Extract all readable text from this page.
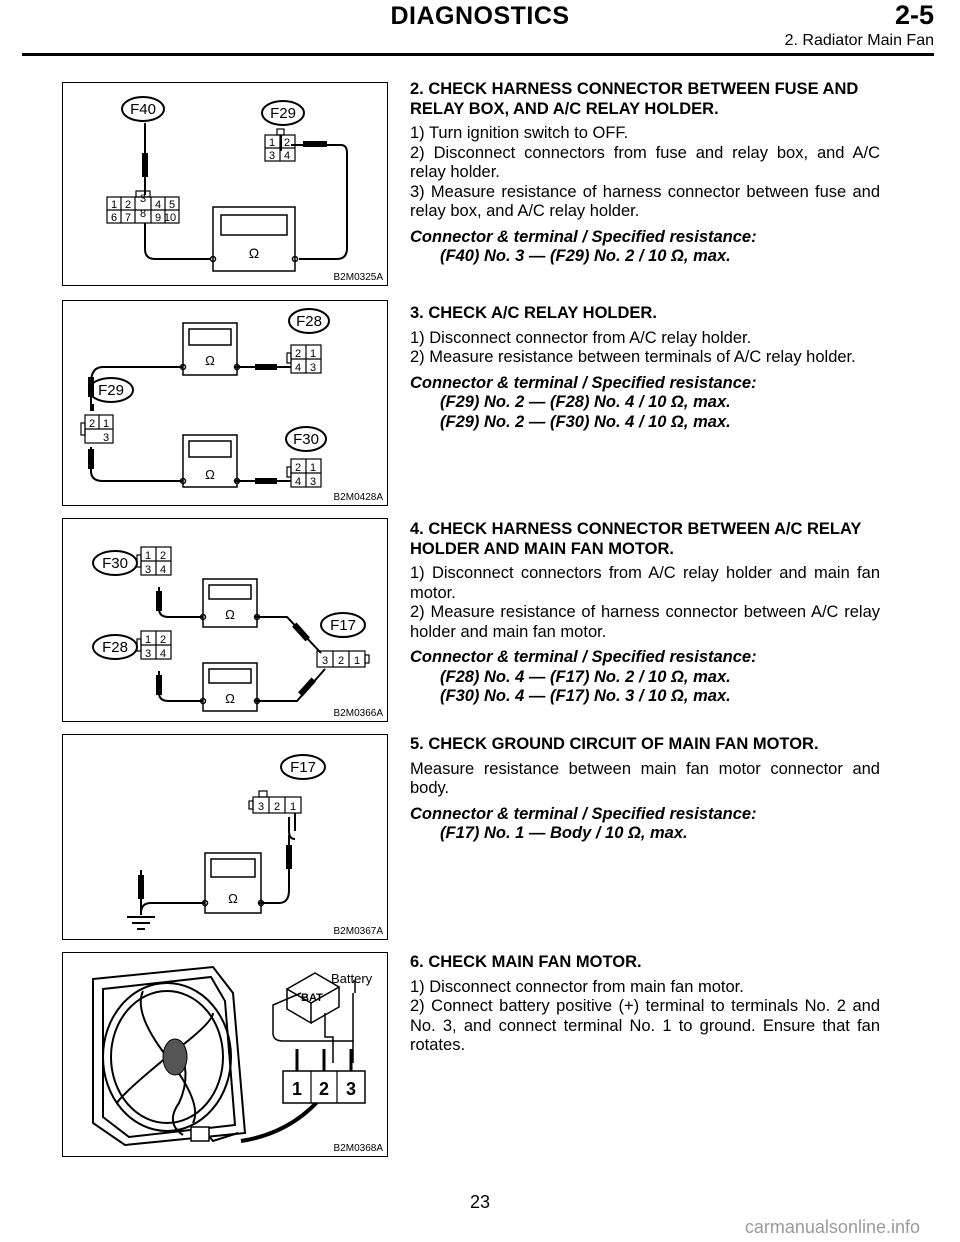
DIAGNOSTICS	2-5
2. Radiator Main Fan
F40	F29
1 2
3 4
1 2 3 4 5
6 7 8 9 10
Ω
B2M0325A
F28
F29
F30
2 1
4 3
2 1
3
2 1
4 3
Ω
Ω
B2M0428A
F30
F28
F17
1 2
3 4
1 2
3 4
3 2 1
Ω
Ω
B2M0366A
F17
3 2 1
Ω
B2M0367A
BAT
Battery
1 2 3
B2M0368A
2. CHECK HARNESS CONNECTOR BETWEEN FUSE AND RELAY BOX, AND A/C RELAY HOLDER.

1) Turn ignition switch to OFF.

2) Disconnect connectors from fuse and relay box, and A/C relay holder.

3) Measure resistance of harness connector between fuse and relay box, and A/C relay holder.

Connector & terminal / Specified resistance:
(F40) No. 3 — (F29) No. 2 / 10 Ω, max.
3. CHECK A/C RELAY HOLDER.

1) Disconnect connector from A/C relay holder.

2) Measure resistance between terminals of A/C relay holder.

Connector & terminal / Specified resistance:
(F29) No. 2 — (F28) No. 4 / 10 Ω, max.
(F29) No. 2 — (F30) No. 4 / 10 Ω, max.
4. CHECK HARNESS CONNECTOR BETWEEN A/C RELAY HOLDER AND MAIN FAN MOTOR.

1) Disconnect connectors from A/C relay holder and main fan motor.

2) Measure resistance of harness connector between A/C relay holder and main fan motor.

Connector & terminal / Specified resistance:
(F28) No. 4 — (F17) No. 2 / 10 Ω, max.
(F30) No. 4 — (F17) No. 3 / 10 Ω, max.
5. CHECK GROUND CIRCUIT OF MAIN FAN MOTOR.

Measure resistance between main fan motor connector and body.

Connector & terminal / Specified resistance:
(F17) No. 1 — Body / 10 Ω, max.
6. CHECK MAIN FAN MOTOR.

1) Disconnect connector from main fan motor.

2) Connect battery positive (+) terminal to terminals No. 2 and No. 3, and connect terminal No. 1 to ground. Ensure that fan rotates.

23
carmanualsonline.info
